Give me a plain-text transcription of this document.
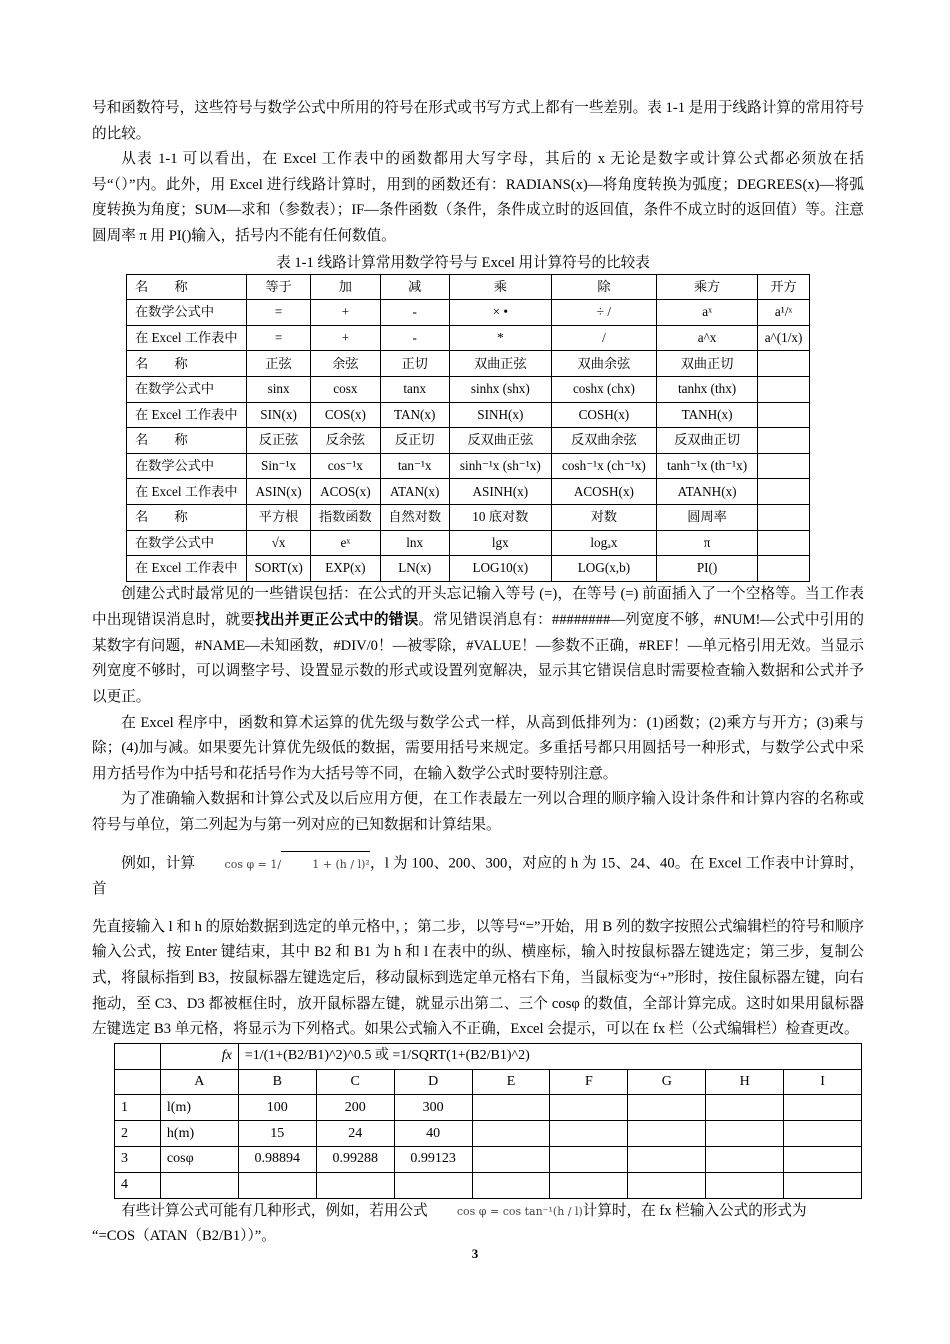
号和函数符号，这些符号与数学公式中所用的符号在形式或书写方式上都有一些差别。表 1-1 是用于线路计算的常用符号的比较。

从表 1-1 可以看出，在 Excel 工作表中的函数都用大写字母，其后的 x 无论是数字或计算公式都必须放在括号“（）”内。此外，用 Excel 进行线路计算时，用到的函数还有：RADIANS(x)—将角度转换为弧度；DEGREES(x)—将弧度转换为角度；SUM—求和（参数表）；IF—条件函数（条件，条件成立时的返回值，条件不成立时的返回值）等。注意圆周率 π 用 PI()输入，括号内不能有任何数值。

表 1-1 线路计算常用数学符号与 Excel 用计算符号的比较表
名　　称	等于	加	减	乘	除	乘方	开方
在数学公式中	=	+	-	× •	÷ /	aˣ	a¹/ˣ
在 Excel 工作表中	=	+	-	*	/	a^x	a^(1/x)
名　　称	正弦	余弦	正切	双曲正弦	双曲余弦	双曲正切	
在数学公式中	sinx	cosx	tanx	sinhx (shx)	coshx (chx)	tanhx (thx)	
在 Excel 工作表中	SIN(x)	COS(x)	TAN(x)	SINH(x)	COSH(x)	TANH(x)	
名　　称	反正弦	反余弦	反正切	反双曲正弦	反双曲余弦	反双曲正切	
在数学公式中	Sin⁻¹x	cos⁻¹x	tan⁻¹x	sinh⁻¹x (sh⁻¹x)	cosh⁻¹x (ch⁻¹x)	tanh⁻¹x (th⁻¹x)	
在 Excel 工作表中	ASIN(x)	ACOS(x)	ATAN(x)	ASINH(x)	ACOSH(x)	ATANH(x)	
名　　称	平方根	指数函数	自然对数	10 底对数	对数	圆周率	
在数学公式中	√x	eˣ	lnx	lgx	logₐx	π	
在 Excel 工作表中	SORT(x)	EXP(x)	LN(x)	LOG10(x)	LOG(x,b)	PI()	

创建公式时最常见的一些错误包括：在公式的开头忘记输入等号 (=)，在等号 (=) 前面插入了一个空格等。当工作表中出现错误消息时，就要找出并更正公式中的错误。常见错误消息有：########—列宽度不够，#NUM!—公式中引用的某数字有问题，#NAME—未知函数，#DIV/0！—被零除，#VALUE！—参数不正确，#REF！—单元格引用无效。当显示列宽度不够时，可以调整字号、设置显示数的形式或设置列宽解决，显示其它错误信息时需要检查输入数据和公式并予以更正。

在 Excel 程序中，函数和算术运算的优先级与数学公式一样，从高到低排列为：(1)函数；(2)乘方与开方；(3)乘与除；(4)加与减。如果要先计算优先级低的数据，需要用括号来规定。多重括号都只用圆括号一种形式，与数学公式中采用方括号作为中括号和花括号作为大括号等不同，在输入数学公式时要特别注意。

为了准确输入数据和计算公式及以后应用方便，在工作表最左一列以合理的顺序输入设计条件和计算内容的名称或符号与单位，第二列起为与第一列对应的已知数据和计算结果。

例如，计算	cos φ = 1/	1 + (h / l)²，l 为 100、200、300，对应的 h 为 15、24、40。在 Excel 工作表中计算时，首

先直接输入 l 和 h 的原始数据到选定的单元格中，；第二步，以等号“=”开始，用 B 列的数字按照公式编辑栏的符号和顺序输入公式，按 Enter 键结束，其中 B2 和 B1 为 h 和 l 在表中的纵、横座标，输入时按鼠标器左键选定；第三步，复制公式，将鼠标指到 B3，按鼠标器左键选定后，移动鼠标到选定单元格右下角，当鼠标变为“+”形时，按住鼠标器左键，向右拖动，至 C3、D3 都被框住时，放开鼠标器左键，就显示出第二、三个 cosφ 的数值，全部计算完成。这时如果用鼠标器左键选定 B3 单元格，将显示为下列格式。如果公式输入不正确，Excel 会提示，可以在 fx 栏（公式编辑栏）检查更改。

	fx	=1/(1+(B2/B1)^2)^0.5 或 =1/SQRT(1+(B2/B1)^2)							
	A	B	C	D	E	F	G	H	I
1	l(m)	100	200	300					
2	h(m)	15	24	40					
3	cosφ	0.98894	0.99288	0.99123					
4									

有些计算公式可能有几种形式，例如，若用公式	cos φ = cos tan⁻¹(h / l)计算时，在 fx 栏输入公式的形式为

“=COS（ATAN（B2/B1））”。

3
